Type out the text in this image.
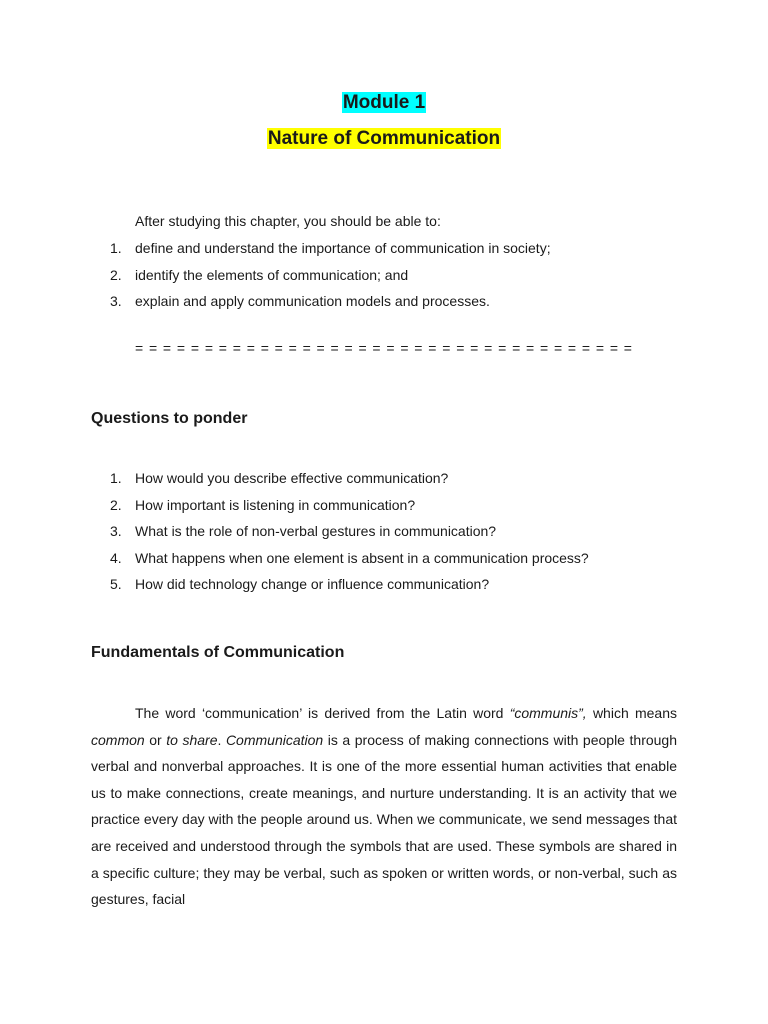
Module 1
Nature of Communication
After studying this chapter, you should be able to:
1. define and understand the importance of communication in society;
2. identify the elements of communication; and
3. explain and apply communication models and processes.
= = = = = = = = = = = = = = = = = = = = = = = = = = = = = = = = = = = =
Questions to ponder
1. How would you describe effective communication?
2. How important is listening in communication?
3. What is the role of non-verbal gestures in communication?
4. What happens when one element is absent in a communication process?
5. How did technology change or influence communication?
Fundamentals of Communication

The word ‘communication’ is derived from the Latin word “communis”, which means common or to share. Communication is a process of making connections with people through verbal and nonverbal approaches. It is one of the more essential human activities that enable us to make connections, create meanings, and nurture understanding. It is an activity that we practice every day with the people around us. When we communicate, we send messages that are received and understood through the symbols that are used. These symbols are shared in a specific culture; they may be verbal, such as spoken or written words, or non-verbal, such as gestures, facial
